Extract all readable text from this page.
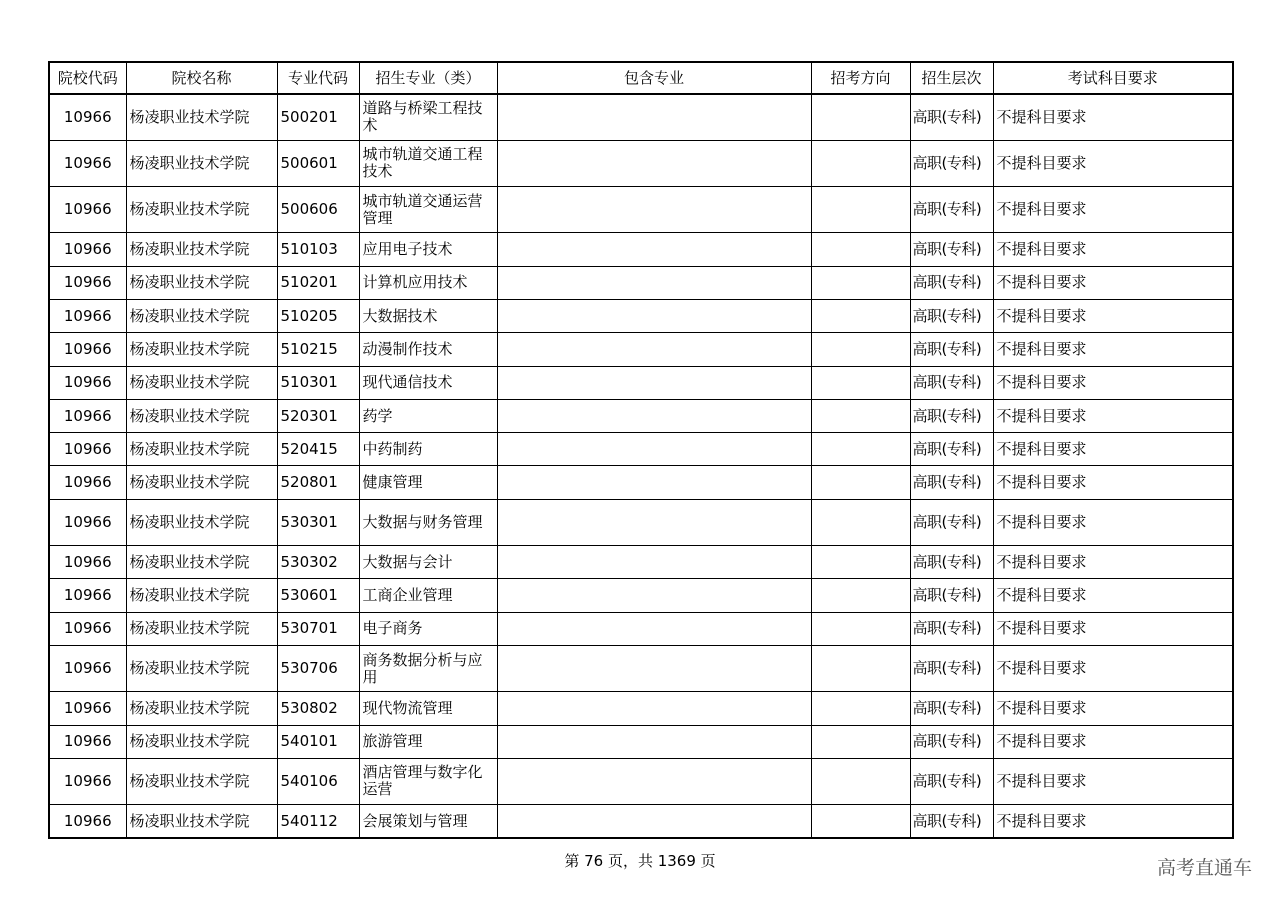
院校代码	院校名称	专业代码	招生专业（类）	包含专业	招考方向	招生层次	考试科目要求
10966	杨凌职业技术学院	500201	道路与桥梁工程技术			高职(专科)	不提科目要求
10966	杨凌职业技术学院	500601	城市轨道交通工程技术			高职(专科)	不提科目要求
10966	杨凌职业技术学院	500606	城市轨道交通运营管理			高职(专科)	不提科目要求
10966	杨凌职业技术学院	510103	应用电子技术			高职(专科)	不提科目要求
10966	杨凌职业技术学院	510201	计算机应用技术			高职(专科)	不提科目要求
10966	杨凌职业技术学院	510205	大数据技术			高职(专科)	不提科目要求
10966	杨凌职业技术学院	510215	动漫制作技术			高职(专科)	不提科目要求
10966	杨凌职业技术学院	510301	现代通信技术			高职(专科)	不提科目要求
10966	杨凌职业技术学院	520301	药学			高职(专科)	不提科目要求
10966	杨凌职业技术学院	520415	中药制药			高职(专科)	不提科目要求
10966	杨凌职业技术学院	520801	健康管理			高职(专科)	不提科目要求
10966	杨凌职业技术学院	530301	大数据与财务管理			高职(专科)	不提科目要求
10966	杨凌职业技术学院	530302	大数据与会计			高职(专科)	不提科目要求
10966	杨凌职业技术学院	530601	工商企业管理			高职(专科)	不提科目要求
10966	杨凌职业技术学院	530701	电子商务			高职(专科)	不提科目要求
10966	杨凌职业技术学院	530706	商务数据分析与应用			高职(专科)	不提科目要求
10966	杨凌职业技术学院	530802	现代物流管理			高职(专科)	不提科目要求
10966	杨凌职业技术学院	540101	旅游管理			高职(专科)	不提科目要求
10966	杨凌职业技术学院	540106	酒店管理与数字化运营			高职(专科)	不提科目要求
10966	杨凌职业技术学院	540112	会展策划与管理			高职(专科)	不提科目要求
第 76 页，共 1369 页	高考直通车
